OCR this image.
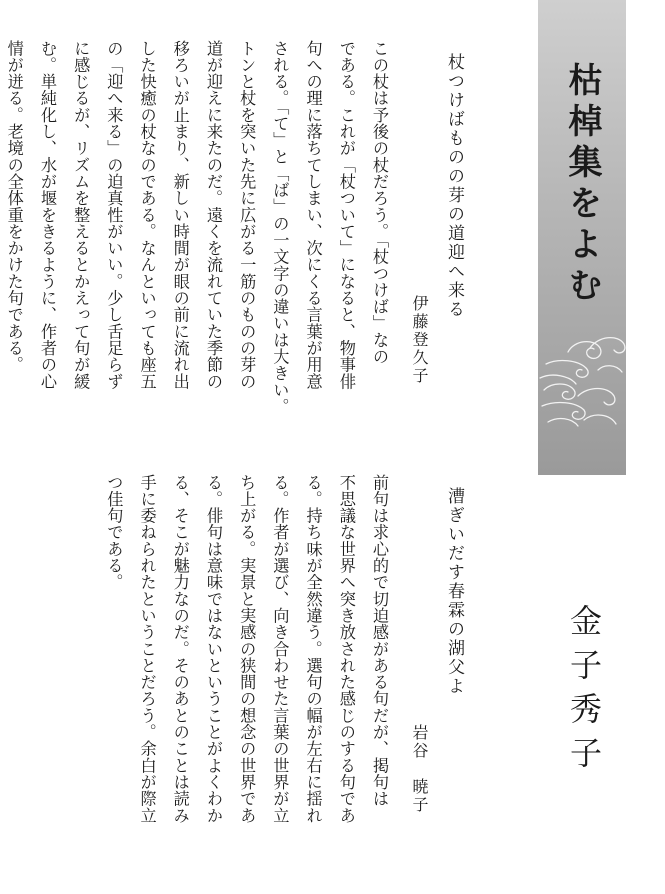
枯棹集をよむ
金子秀子
杖つけばものの芽の道迎へ来る
伊藤登久子
この杖は予後の杖だろう。「杖つけば」なの
である。これが「杖ついて」になると、物事俳
句への理に落ちてしまい、次にくる言葉が用意
される。「て」と「ば」の一文字の違いは大きい。
トンと杖を突いた先に広がる一筋のものの芽の
道が迎えに来たのだ。遠くを流れていた季節の
移ろいが止まり、新しい時間が眼の前に流れ出
した快癒の杖なのである。なんといっても座五
の「迎へ来る」の迫真性がいい。少し舌足らず
に感じるが、リズムを整えるとかえって句が緩
む。単純化し、水が堰をきるように、作者の心
情が迸る。老境の全体重をかけた句である。
漕ぎいだす春霖の湖父よ
岩谷　暁子
前句は求心的で切迫感がある句だが、掲句は
不思議な世界へ突き放された感じのする句であ
る。持ち味が全然違う。選句の幅が左右に揺れ
る。作者が選び、向き合わせた言葉の世界が立
ち上がる。実景と実感の狭間の想念の世界であ
る。俳句は意味ではないということがよくわか
る、そこが魅力なのだ。そのあとのことは読み
手に委ねられたということだろう。余白が際立
つ佳句である。
